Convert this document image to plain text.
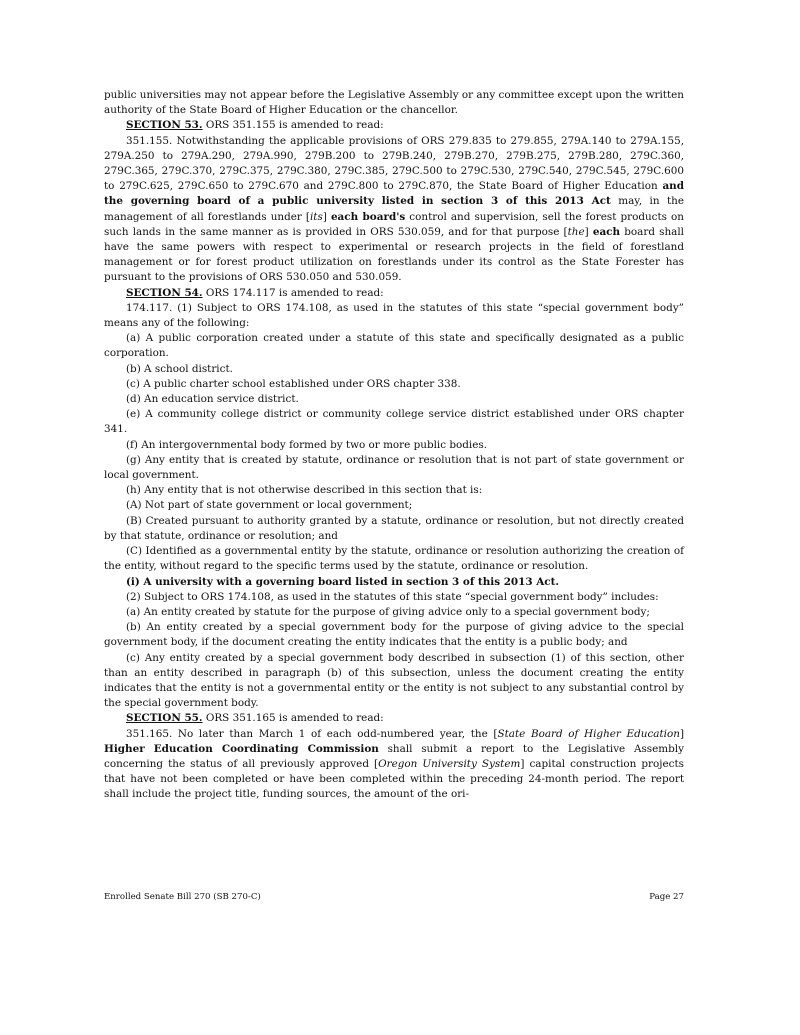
public universities may not appear before the Legislative Assembly or any committee except upon the written authority of the State Board of Higher Education or the chancellor.

SECTION 53. ORS 351.155 is amended to read:

351.155. Notwithstanding the applicable provisions of ORS 279.835 to 279.855, 279A.140 to 279A.155, 279A.250 to 279A.290, 279A.990, 279B.200 to 279B.240, 279B.270, 279B.275, 279B.280, 279C.360, 279C.365, 279C.370, 279C.375, 279C.380, 279C.385, 279C.500 to 279C.530, 279C.540, 279C.545, 279C.600 to 279C.625, 279C.650 to 279C.670 and 279C.800 to 279C.870, the State Board of Higher Education and the governing board of a public university listed in section 3 of this 2013 Act may, in the management of all forestlands under [its] each board's control and supervision, sell the forest products on such lands in the same manner as is provided in ORS 530.059, and for that purpose [the] each board shall have the same powers with respect to experimental or research projects in the field of forestland management or for forest product utilization on forestlands under its control as the State Forester has pursuant to the provisions of ORS 530.050 and 530.059.

SECTION 54. ORS 174.117 is amended to read:

174.117. (1) Subject to ORS 174.108, as used in the statutes of this state “special government body” means any of the following:

(a) A public corporation created under a statute of this state and specifically designated as a public corporation.

(b) A school district.

(c) A public charter school established under ORS chapter 338.

(d) An education service district.

(e) A community college district or community college service district established under ORS chapter 341.

(f) An intergovernmental body formed by two or more public bodies.

(g) Any entity that is created by statute, ordinance or resolution that is not part of state government or local government.

(h) Any entity that is not otherwise described in this section that is:

(A) Not part of state government or local government;

(B) Created pursuant to authority granted by a statute, ordinance or resolution, but not directly created by that statute, ordinance or resolution; and

(C) Identified as a governmental entity by the statute, ordinance or resolution authorizing the creation of the entity, without regard to the specific terms used by the statute, ordinance or resolution.

(i) A university with a governing board listed in section 3 of this 2013 Act.

(2) Subject to ORS 174.108, as used in the statutes of this state “special government body” includes:

(a) An entity created by statute for the purpose of giving advice only to a special government body;

(b) An entity created by a special government body for the purpose of giving advice to the special government body, if the document creating the entity indicates that the entity is a public body; and

(c) Any entity created by a special government body described in subsection (1) of this section, other than an entity described in paragraph (b) of this subsection, unless the document creating the entity indicates that the entity is not a governmental entity or the entity is not subject to any substantial control by the special government body.

SECTION 55. ORS 351.165 is amended to read:

351.165. No later than March 1 of each odd-numbered year, the [State Board of Higher Education] Higher Education Coordinating Commission shall submit a report to the Legislative Assembly concerning the status of all previously approved [Oregon University System] capital construction projects that have not been completed or have been completed within the preceding 24-month period. The report shall include the project title, funding sources, the amount of the ori-

Enrolled Senate Bill 270 (SB 270-C)	Page 27
